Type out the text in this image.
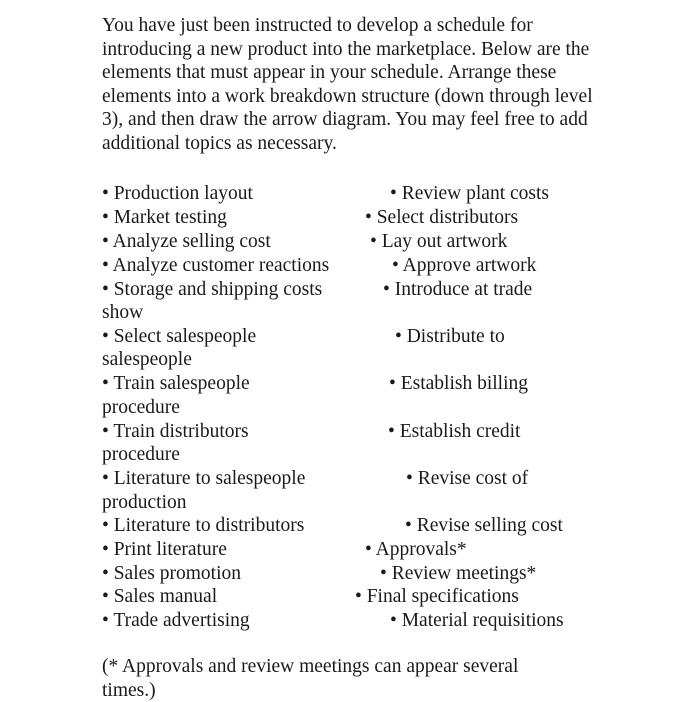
You have just been instructed to develop a schedule for introducing a new product into the marketplace. Below are the elements that must appear in your schedule. Arrange these elements into a work breakdown structure (down through level 3), and then draw the arrow diagram. You may feel free to add additional topics as necessary.

• Production layout
• Market testing
• Analyze selling cost
• Analyze customer reactions
• Storage and shipping costs
show
• Select salespeople
salespeople
• Train salespeople
procedure
• Train distributors
procedure
• Literature to salespeople
production
• Literature to distributors
• Print literature
• Sales promotion
• Sales manual
• Trade advertising
• Review plant costs
• Select distributors
• Lay out artwork
• Approve artwork
• Introduce at trade
• Distribute to
• Establish billing
• Establish credit
• Revise cost of
• Revise selling cost
• Approvals*
• Review meetings*
• Final specifications
• Material requisitions

(* Approvals and review meetings can appear several times.)
